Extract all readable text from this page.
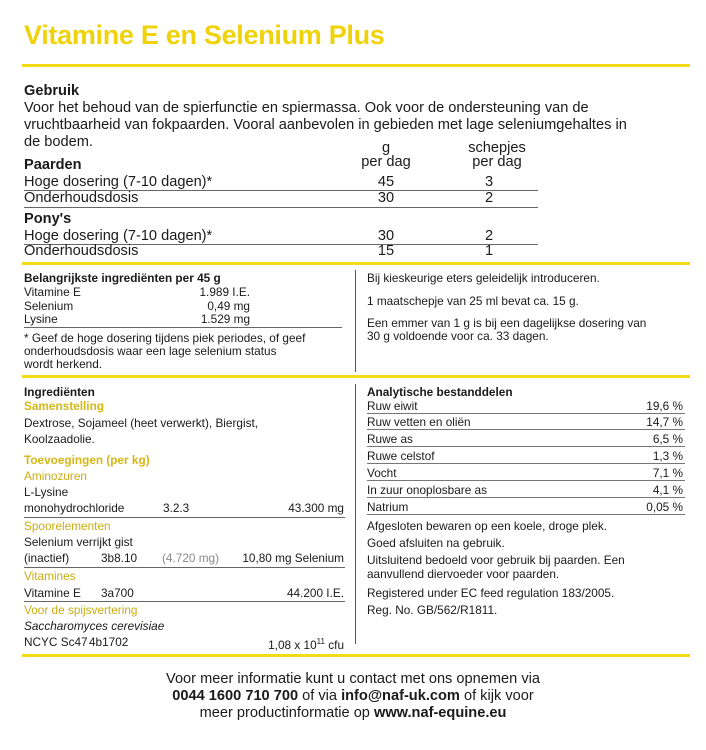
Vitamine E en Selenium Plus
Gebruik
Voor het behoud van de spierfunctie en spiermassa. Ook voor de ondersteuning van de
vruchtbaarheid van fokpaarden. Vooral aanbevolen in gebieden met lage seleniumgehaltes in
de bodem.	g
per dag
schepjes
per dag
Paarden
Hoge dosering (7-10 dagen)*	45	3
Onderhoudsdosis	30	2
Pony's
Hoge dosering (7-10 dagen)*	30	2
Onderhoudsdosis	15	1
Belangrijkste ingrediënten per 45 g
Vitamine E	1.989 I.E.
Selenium	0,49 mg
Lysine	1.529 mg
* Geef de hoge dosering tijdens piek periodes, of geef
onderhoudsdosis waar een lage selenium status
wordt herkend.
Bij kieskeurige eters geleidelijk introduceren.
1 maatschepje van 25 ml bevat ca. 15 g.
Een emmer van 1 g is bij een dagelijkse dosering van
30 g voldoende voor ca. 33 dagen.
Ingrediënten
Samenstelling
Dextrose, Sojameel (heet verwerkt), Biergist,
Koolzaadolie.
Toevoegingen (per kg)
Aminozuren
L-Lysine
monohydrochloride	3.2.3	43.300 mg
Spoorelementen
Selenium verrijkt gist
(inactief)	3b8.10 (4.720 mg)	10,80 mg Selenium
Vitamines
Vitamine E 3a700	44.200 I.E.
Voor de spijsvertering
Saccharomyces cerevisiae
NCYC Sc47 4b1702	1,08 x $10^{11}$ cfu
Analytische bestanddelen
Ruw eiwit	19,6 %
Ruw vetten en oliën	14,7 %
Ruwe as	6,5 %
Ruwe celstof	1,3 %
Vocht	7,1 %
In zuur onoplosbare as	4,1 %
Natrium	0,05 %
Afgesloten bewaren op een koele, droge plek.
Goed afsluiten na gebruik.
Uitsluitend bedoeld voor gebruik bij paarden. Een
aanvullend diervoeder voor paarden.
Registered under EC feed regulation 183/2005.
Reg. No. GB/562/R1811.
Voor meer informatie kunt u contact met ons opnemen via
0044 1600 710 700 of via info@naf-uk.com of kijk voor
meer productinformatie op www.naf-equine.eu
